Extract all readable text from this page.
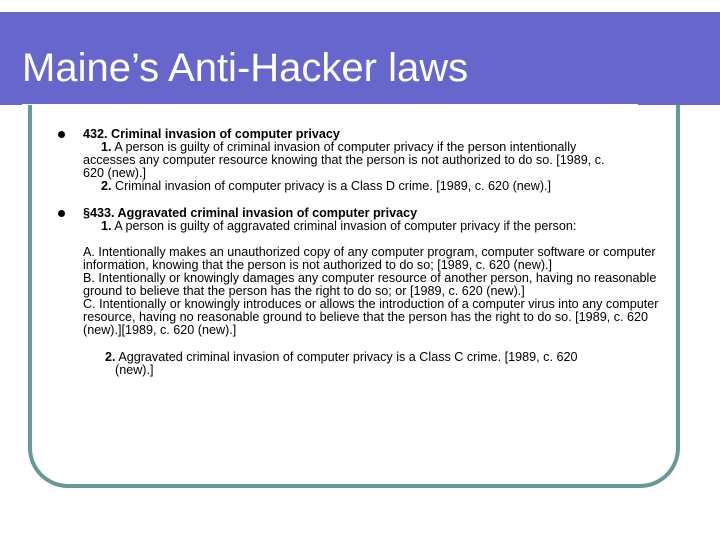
Maine’s Anti-Hacker laws
432. Criminal invasion of computer privacy
1. A person is guilty of criminal invasion of computer privacy if the person intentionally
accesses any computer resource knowing that the person is not authorized to do so. [1989, c.
620 (new).]
2. Criminal invasion of computer privacy is a Class D crime. [1989, c. 620 (new).]
§433. Aggravated criminal invasion of computer privacy
1. A person is guilty of aggravated criminal invasion of computer privacy if the person:

A. Intentionally makes an unauthorized copy of any computer program, computer software or computer information, knowing that the person is not authorized to do so; [1989, c. 620 (new).]

B. Intentionally or knowingly damages any computer resource of another person, having no reasonable ground to believe that the person has the right to do so; or [1989, c. 620 (new).]

C. Intentionally or knowingly introduces or allows the introduction of a computer virus into any computer resource, having no reasonable ground to believe that the person has the right to do so. [1989, c. 620 (new).][1989, c. 620 (new).]

2. Aggravated criminal invasion of computer privacy is a Class C crime. [1989, c. 620
(new).]
